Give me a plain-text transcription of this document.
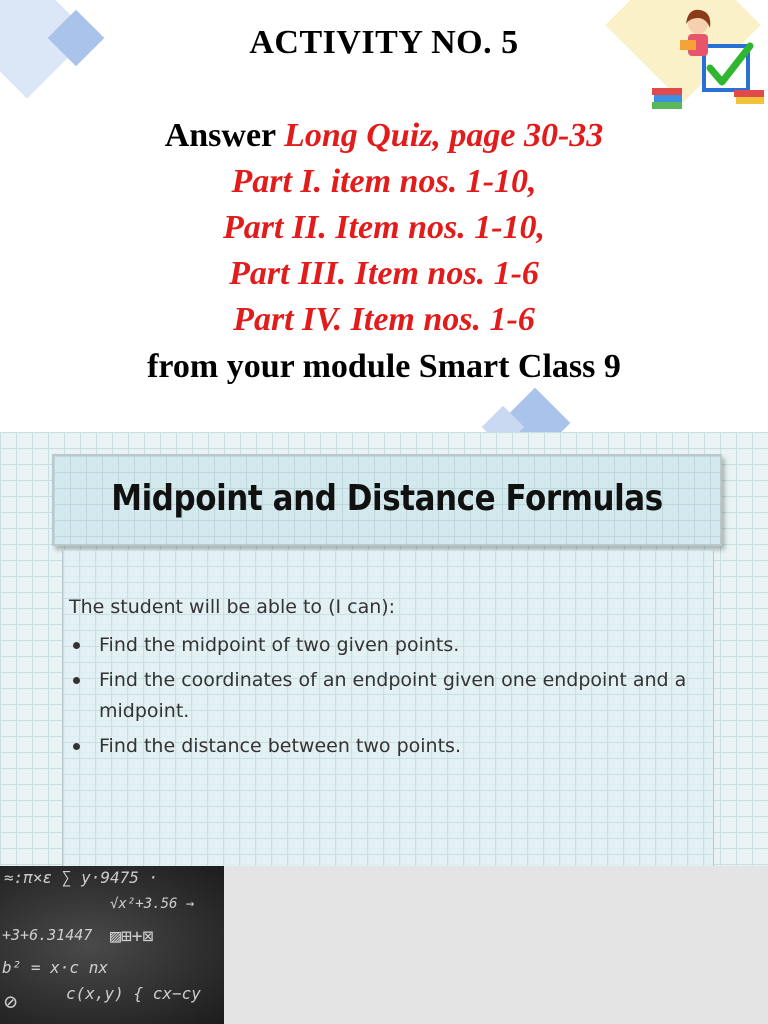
ACTIVITY NO. 5
Answer Long Quiz, page 30-33
Part I. item nos. 1-10,
Part II. Item nos. 1-10,
Part III. Item nos. 1-6
Part IV. Item nos. 1-6
from your module Smart Class 9
Midpoint and Distance Formulas
The student will be able to (I can):
Find the midpoint of two given points.
Find the coordinates of an endpoint given one endpoint and a midpoint.
Find the distance between two points.
≈:π×ε ∑ y·9475 ·
√x²+3.56 →
+3+6.31447 ▨⊞+⊠
b² = x·c nx
c(x,y) { cx−cy
⊘
